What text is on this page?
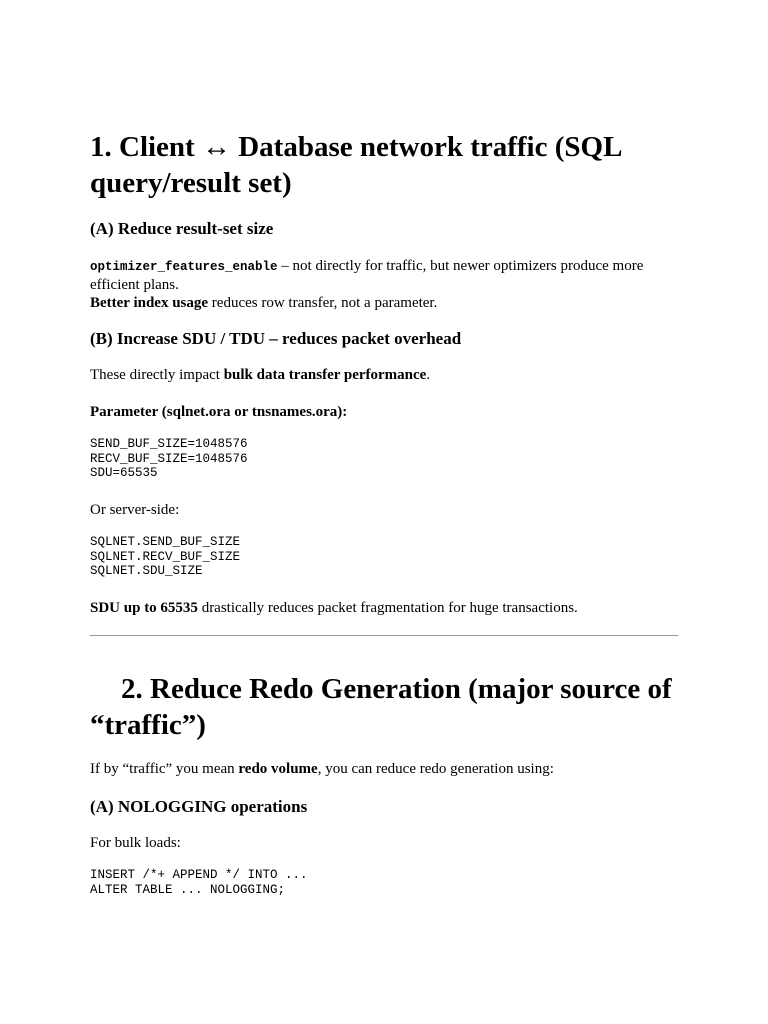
1. Client ↔ Database network traffic (SQL query/result set)
(A) Reduce result-set size

optimizer_features_enable – not directly for traffic, but newer optimizers produce more efficient plans.
Better index usage reduces row transfer, not a parameter.

(B) Increase SDU / TDU – reduces packet overhead

These directly impact bulk data transfer performance.

Parameter (sqlnet.ora or tnsnames.ora):
SEND_BUF_SIZE=1048576
RECV_BUF_SIZE=1048576
SDU=65535

Or server-side:

SQLNET.SEND_BUF_SIZE
SQLNET.RECV_BUF_SIZE
SQLNET.SDU_SIZE

SDU up to 65535 drastically reduces packet fragmentation for huge transactions.

2. Reduce Redo Generation (major source of “traffic”)

If by “traffic” you mean redo volume, you can reduce redo generation using:

(A) NOLOGGING operations

For bulk loads:

INSERT /*+ APPEND */ INTO ...
ALTER TABLE ... NOLOGGING;
